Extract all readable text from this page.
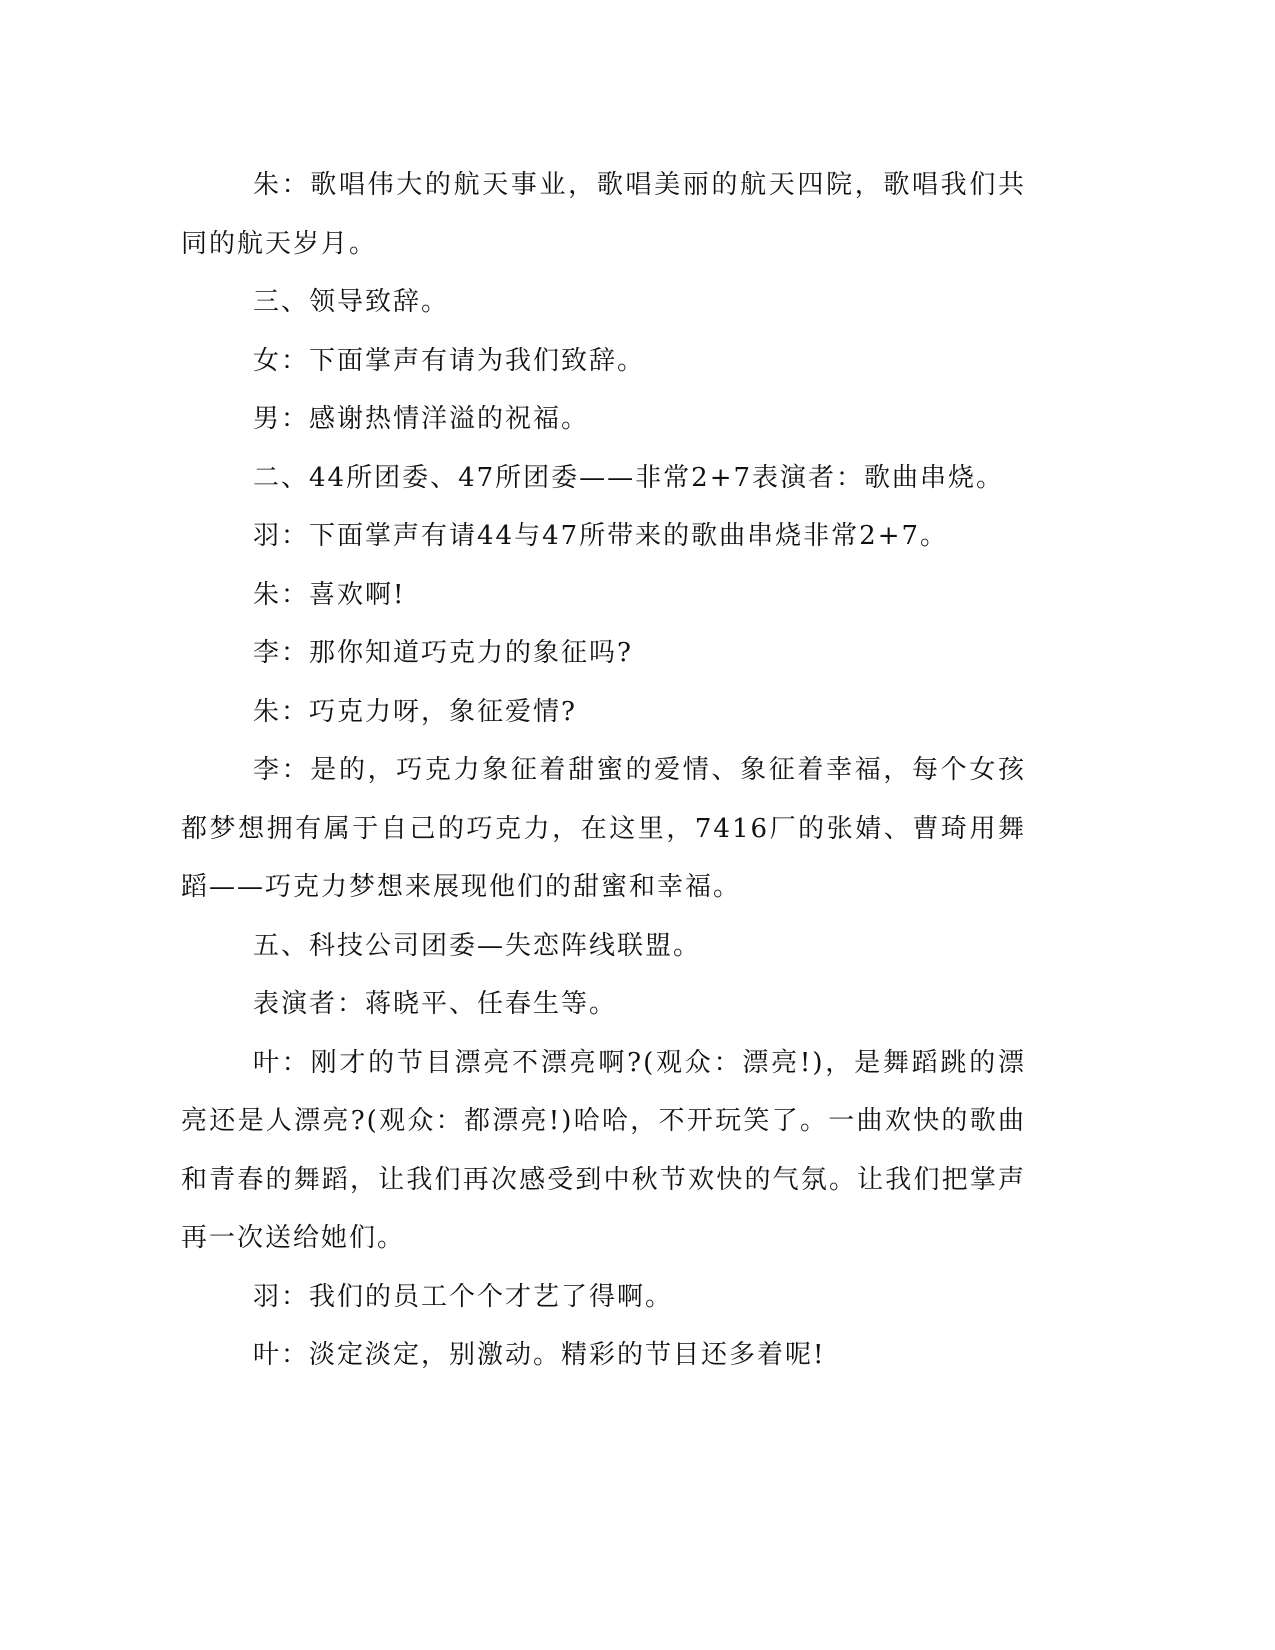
朱：歌唱伟大的航天事业，歌唱美丽的航天四院，歌唱我们共同的航天岁月。

三、领导致辞。

女：下面掌声有请为我们致辞。

男：感谢热情洋溢的祝福。

二、44所团委、47所团委——非常2+7表演者：歌曲串烧。

羽：下面掌声有请44与47所带来的歌曲串烧非常2+7。

朱：喜欢啊!

李：那你知道巧克力的象征吗?

朱：巧克力呀，象征爱情?

李：是的，巧克力象征着甜蜜的爱情、象征着幸福，每个女孩都梦想拥有属于自己的巧克力，在这里，7416厂的张婧、曹琦用舞蹈——巧克力梦想来展现他们的甜蜜和幸福。

五、科技公司团委—失恋阵线联盟。

表演者：蒋晓平、任春生等。

叶：刚才的节目漂亮不漂亮啊?(观众：漂亮!)，是舞蹈跳的漂亮还是人漂亮?(观众：都漂亮!)哈哈，不开玩笑了。一曲欢快的歌曲和青春的舞蹈，让我们再次感受到中秋节欢快的气氛。让我们把掌声再一次送给她们。

羽：我们的员工个个才艺了得啊。

叶：淡定淡定，别激动。精彩的节目还多着呢!
